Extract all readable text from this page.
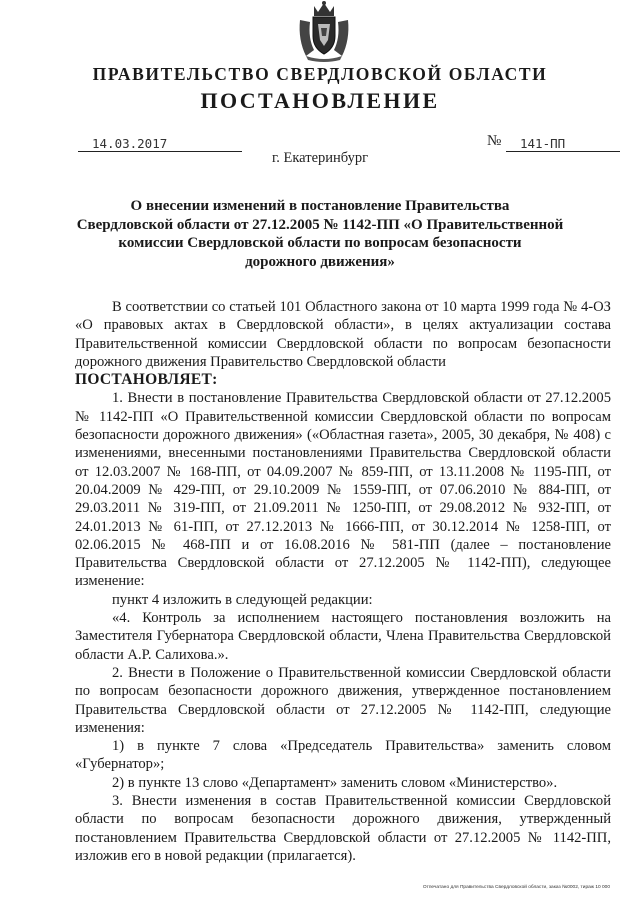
ПРАВИТЕЛЬСТВО СВЕРДЛОВСКОЙ ОБЛАСТИ
ПОСТАНОВЛЕНИЕ
14.03.2017	№	141-ПП
г. Екатеринбург
О внесении изменений в постановление Правительства
Свердловской области от 27.12.2005 № 1142-ПП «О Правительственной
комиссии Свердловской области по вопросам безопасности
дорожного движения»

В соответствии со статьей 101 Областного закона от 10 марта 1999 года № 4-ОЗ «О правовых актах в Свердловской области», в целях актуализации состава Правительственной комиссии Свердловской области по вопросам безопасности дорожного движения Правительство Свердловской области

ПОСТАНОВЛЯЕТ:

1. Внести в постановление Правительства Свердловской области от 27.12.2005 № 1142-ПП «О Правительственной комиссии Свердловской области по вопросам безопасности дорожного движения» («Областная газета», 2005, 30 декабря, № 408) с изменениями, внесенными постановлениями Правительства Свердловской области от 12.03.2007 № 168-ПП, от 04.09.2007 № 859-ПП, от 13.11.2008 № 1195-ПП, от 20.04.2009 № 429-ПП, от 29.10.2009 № 1559-ПП, от 07.06.2010 № 884-ПП, от 29.03.2011 № 319-ПП, от 21.09.2011 № 1250-ПП, от 29.08.2012 № 932-ПП, от 24.01.2013 № 61-ПП, от 27.12.2013 № 1666-ПП, от 30.12.2014 № 1258-ПП, от 02.06.2015 № 468-ПП и от 16.08.2016 № 581-ПП (далее – постановление Правительства Свердловской области от 27.12.2005 № 1142-ПП), следующее изменение:

пункт 4 изложить в следующей редакции:

«4. Контроль за исполнением настоящего постановления возложить на Заместителя Губернатора Свердловской области, Члена Правительства Свердловской области А.Р. Салихова.».

2. Внести в Положение о Правительственной комиссии Свердловской области по вопросам безопасности дорожного движения, утвержденное постановлением Правительства Свердловской области от 27.12.2005 № 1142-ПП, следующие изменения:

1) в пункте 7 слова «Председатель Правительства» заменить словом «Губернатор»;

2) в пункте 13 слово «Департамент» заменить словом «Министерство».

3. Внести изменения в состав Правительственной комиссии Свердловской области по вопросам безопасности дорожного движения, утвержденный постановлением Правительства Свердловской области от 27.12.2005 № 1142-ПП, изложив его в новой редакции (прилагается).

Отпечатано для Правительства Свердловской области, заказ №0002, тираж 10 000
